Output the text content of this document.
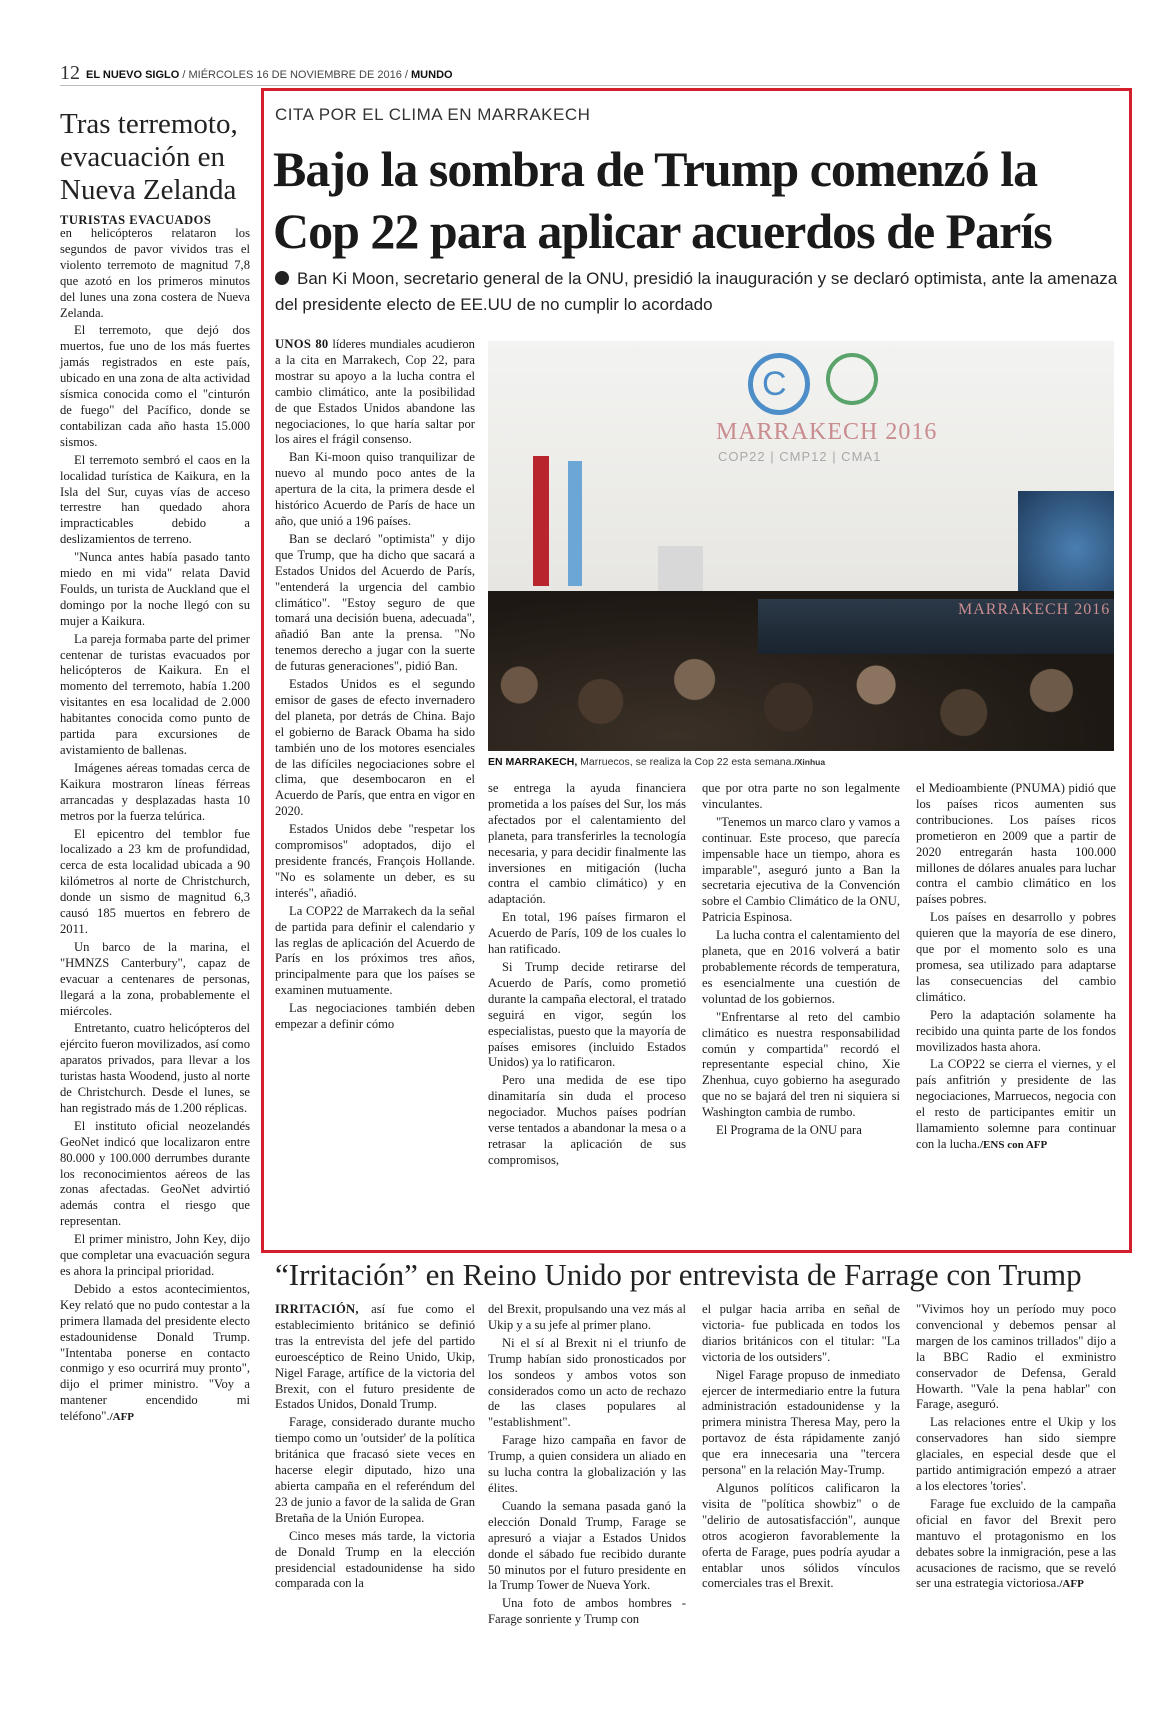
12 EL NUEVO SIGLO / MIÉRCOLES 16 DE NOVIEMBRE DE 2016 / MUNDO
Tras terremoto, evacuación en Nueva Zelanda
TURISTAS EVACUADOS

en helicópteros relataron los segundos de pavor vividos tras el violento terremoto de magnitud 7,8 que azotó en los primeros minutos del lunes una zona costera de Nueva Zelanda.

El terremoto, que dejó dos muertos, fue uno de los más fuertes jamás registrados en este país, ubicado en una zona de alta actividad sísmica conocida como el "cinturón de fuego" del Pacífico, donde se contabilizan cada año hasta 15.000 sismos.

El terremoto sembró el caos en la localidad turística de Kaikura, en la Isla del Sur, cuyas vías de acceso terrestre han quedado ahora impracticables debido a deslizamientos de terreno.

"Nunca antes había pasado tanto miedo en mi vida" relata David Foulds, un turista de Auckland que el domingo por la noche llegó con su mujer a Kaikura.

La pareja formaba parte del primer centenar de turistas evacuados por helicópteros de Kaikura. En el momento del terremoto, había 1.200 visitantes en esa localidad de 2.000 habitantes conocida como punto de partida para excursiones de avistamiento de ballenas.

Imágenes aéreas tomadas cerca de Kaikura mostraron líneas férreas arrancadas y desplazadas hasta 10 metros por la fuerza telúrica.

El epicentro del temblor fue localizado a 23 km de profundidad, cerca de esta localidad ubicada a 90 kilómetros al norte de Christchurch, donde un sismo de magnitud 6,3 causó 185 muertos en febrero de 2011.

Un barco de la marina, el "HMNZS Canterbury", capaz de evacuar a centenares de personas, llegará a la zona, probablemente el miércoles.

Entretanto, cuatro helicópteros del ejército fueron movilizados, así como aparatos privados, para llevar a los turistas hasta Woodend, justo al norte de Christchurch. Desde el lunes, se han registrado más de 1.200 réplicas.

El instituto oficial neozelandés GeoNet indicó que localizaron entre 80.000 y 100.000 derrumbes durante los reconocimientos aéreos de las zonas afectadas. GeoNet advirtió además contra el riesgo que representan.

El primer ministro, John Key, dijo que completar una evacuación segura es ahora la principal prioridad.

Debido a estos acontecimientos, Key relató que no pudo contestar a la primera llamada del presidente electo estadounidense Donald Trump. "Intentaba ponerse en contacto conmigo y eso ocurrirá muy pronto", dijo el primer ministro. "Voy a mantener encendido mi teléfono"./AFP

CITA POR EL CLIMA EN MARRAKECH
Bajo la sombra de Trump comenzó la Cop 22 para aplicar acuerdos de París
Ban Ki Moon, secretario general de la ONU, presidió la inauguración y se declaró optimista, ante la amenaza del presidente electo de EE.UU de no cumplir lo acordado
C
MARRAKECH 2016
COP22 | CMP12 | CMA1
MARRAKECH 2016
EN MARRAKECH, Marruecos, se realiza la Cop 22 esta semana./Xinhua

UNOS 80 líderes mundiales acudieron a la cita en Marrakech, Cop 22, para mostrar su apoyo a la lucha contra el cambio climático, ante la posibilidad de que Estados Unidos abandone las negociaciones, lo que haría saltar por los aires el frágil consenso.

Ban Ki-moon quiso tranquilizar de nuevo al mundo poco antes de la apertura de la cita, la primera desde el histórico Acuerdo de París de hace un año, que unió a 196 países.

Ban se declaró "optimista" y dijo que Trump, que ha dicho que sacará a Estados Unidos del Acuerdo de París, "entenderá la urgencia del cambio climático". "Estoy seguro de que tomará una decisión buena, adecuada", añadió Ban ante la prensa. "No tenemos derecho a jugar con la suerte de futuras generaciones", pidió Ban.

Estados Unidos es el segundo emisor de gases de efecto invernadero del planeta, por detrás de China. Bajo el gobierno de Barack Obama ha sido también uno de los motores esenciales de las difíciles negociaciones sobre el clima, que desembocaron en el Acuerdo de París, que entra en vigor en 2020.

Estados Unidos debe "respetar los compromisos" adoptados, dijo el presidente francés, François Hollande. "No es solamente un deber, es su interés", añadió.

La COP22 de Marrakech da la señal de partida para definir el calendario y las reglas de aplicación del Acuerdo de París en los próximos tres años, principalmente para que los países se examinen mutuamente.

Las negociaciones también deben empezar a definir cómo

se entrega la ayuda financiera prometida a los países del Sur, los más afectados por el calentamiento del planeta, para transferirles la tecnología necesaria, y para decidir finalmente las inversiones en mitigación (lucha contra el cambio climático) y en adaptación.

En total, 196 países firmaron el Acuerdo de París, 109 de los cuales lo han ratificado.

Si Trump decide retirarse del Acuerdo de París, como prometió durante la campaña electoral, el tratado seguirá en vigor, según los especialistas, puesto que la mayoría de países emisores (incluido Estados Unidos) ya lo ratificaron.

Pero una medida de ese tipo dinamitaría sin duda el proceso negociador. Muchos países podrían verse tentados a abandonar la mesa o a retrasar la aplicación de sus compromisos,

que por otra parte no son legalmente vinculantes.

"Tenemos un marco claro y vamos a continuar. Este proceso, que parecía impensable hace un tiempo, ahora es imparable", aseguró junto a Ban la secretaria ejecutiva de la Convención sobre el Cambio Climático de la ONU, Patricia Espinosa.

La lucha contra el calentamiento del planeta, que en 2016 volverá a batir probablemente récords de temperatura, es esencialmente una cuestión de voluntad de los gobiernos.

"Enfrentarse al reto del cambio climático es nuestra responsabilidad común y compartida" recordó el representante especial chino, Xie Zhenhua, cuyo gobierno ha asegurado que no se bajará del tren ni siquiera si Washington cambia de rumbo.

El Programa de la ONU para

el Medioambiente (PNUMA) pidió que los países ricos aumenten sus contribuciones. Los países ricos prometieron en 2009 que a partir de 2020 entregarán hasta 100.000 millones de dólares anuales para luchar contra el cambio climático en los países pobres.

Los países en desarrollo y pobres quieren que la mayoría de ese dinero, que por el momento solo es una promesa, sea utilizado para adaptarse las consecuencias del cambio climático.

Pero la adaptación solamente ha recibido una quinta parte de los fondos movilizados hasta ahora.

La COP22 se cierra el viernes, y el país anfitrión y presidente de las negociaciones, Marruecos, negocia con el resto de participantes emitir un llamamiento solemne para continuar con la lucha./ENS con AFP

“Irritación” en Reino Unido por entrevista de Farrage con Trump

IRRITACIÓN, así fue como el establecimiento británico se definió tras la entrevista del jefe del partido euroescéptico de Reino Unido, Ukip, Nigel Farage, artífice de la victoria del Brexit, con el futuro presidente de Estados Unidos, Donald Trump.

Farage, considerado durante mucho tiempo como un 'outsider' de la política británica que fracasó siete veces en hacerse elegir diputado, hizo una abierta campaña en el referéndum del 23 de junio a favor de la salida de Gran Bretaña de la Unión Europea.

Cinco meses más tarde, la victoria de Donald Trump en la elección presidencial estadounidense ha sido comparada con la

del Brexit, propulsando una vez más al Ukip y a su jefe al primer plano.

Ni el sí al Brexit ni el triunfo de Trump habían sido pronosticados por los sondeos y ambos votos son considerados como un acto de rechazo de las clases populares al "establishment".

Farage hizo campaña en favor de Trump, a quien considera un aliado en su lucha contra la globalización y las élites.

Cuando la semana pasada ganó la elección Donald Trump, Farage se apresuró a viajar a Estados Unidos donde el sábado fue recibido durante 50 minutos por el futuro presidente en la Trump Tower de Nueva York.

Una foto de ambos hombres - Farage sonriente y Trump con

el pulgar hacia arriba en señal de victoria- fue publicada en todos los diarios británicos con el titular: "La victoria de los outsiders".

Nigel Farage propuso de inmediato ejercer de intermediario entre la futura administración estadounidense y la primera ministra Theresa May, pero la portavoz de ésta rápidamente zanjó que era innecesaria una "tercera persona" en la relación May-Trump.

Algunos políticos calificaron la visita de "política showbiz" o de "delirio de autosatisfacción", aunque otros acogieron favorablemente la oferta de Farage, pues podría ayudar a entablar unos sólidos vínculos comerciales tras el Brexit.

"Vivimos hoy un período muy poco convencional y debemos pensar al margen de los caminos trillados" dijo a la BBC Radio el exministro conservador de Defensa, Gerald Howarth. "Vale la pena hablar" con Farage, aseguró.

Las relaciones entre el Ukip y los conservadores han sido siempre glaciales, en especial desde que el partido antimigración empezó a atraer a los electores 'tories'.

Farage fue excluido de la campaña oficial en favor del Brexit pero mantuvo el protagonismo en los debates sobre la inmigración, pese a las acusaciones de racismo, que se reveló ser una estrategia victoriosa./AFP
